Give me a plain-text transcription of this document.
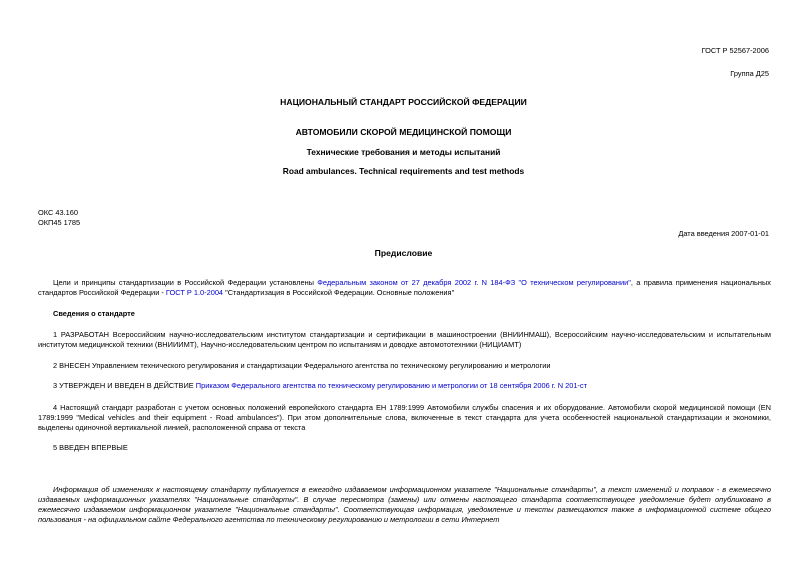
ГОСТ Р 52567-2006
Группа Д25
НАЦИОНАЛЬНЫЙ СТАНДАРТ РОССИЙСКОЙ ФЕДЕРАЦИИ
АВТОМОБИЛИ СКОРОЙ МЕДИЦИНСКОЙ ПОМОЩИ
Технические требования и методы испытаний
Road ambulances. Technical requirements and test methods
ОКС 43.160
ОКП45 1785
Дата введения 2007-01-01
Предисловие
Цели и принципы стандартизации в Российской Федерации установлены Федеральным законом от 27 декабря 2002 г. N 184-ФЗ "О техническом регулировании", а правила применения национальных стандартов Российской Федерации - ГОСТ Р 1.0-2004 "Стандартизация в Российской Федерации. Основные положения"
Сведения о стандарте
1 РАЗРАБОТАН Всероссийским научно-исследовательским институтом стандартизации и сертификации в машиностроении (ВНИИНМАШ), Всероссийским научно-исследовательским и испытательным институтом медицинской техники (ВНИИИМТ), Научно-исследовательским центром по испытаниям и доводке автомототехники (НИЦИАМТ)
2 ВНЕСЕН Управлением технического регулирования и стандартизации Федерального агентства по техническому регулированию и метрологии
3 УТВЕРЖДЕН И ВВЕДЕН В ДЕЙСТВИЕ Приказом Федерального агентства по техническому регулированию и метрологии от 18 сентября 2006 г. N 201-ст
4 Настоящий стандарт разработан с учетом основных положений европейского стандарта ЕН 1789:1999 Автомобили службы спасения и их оборудование. Автомобили скорой медицинской помощи (EN 1789:1999 "Medical vehicles and their equipment - Road ambulances"). При этом дополнительные слова, включенные в текст стандарта для учета особенностей национальной стандартизации и экономики, выделены одиночной вертикальной линией, расположенной справа от текста
5 ВВЕДЕН ВПЕРВЫЕ
Информация об изменениях к настоящему стандарту публикуется в ежегодно издаваемом информационном указателе "Национальные стандарты", а текст изменений и поправок - в ежемесячно издаваемых информационных указателях "Национальные стандарты". В случае пересмотра (замены) или отмены настоящего стандарта соответствующее уведомление будет опубликовано в ежемесячно издаваемом информационном указателе "Национальные стандарты". Соответствующая информация, уведомление и тексты размещаются также в информационной системе общего пользования - на официальном сайте Федерального агентства по техническому регулированию и метрологии в сети Интернет
